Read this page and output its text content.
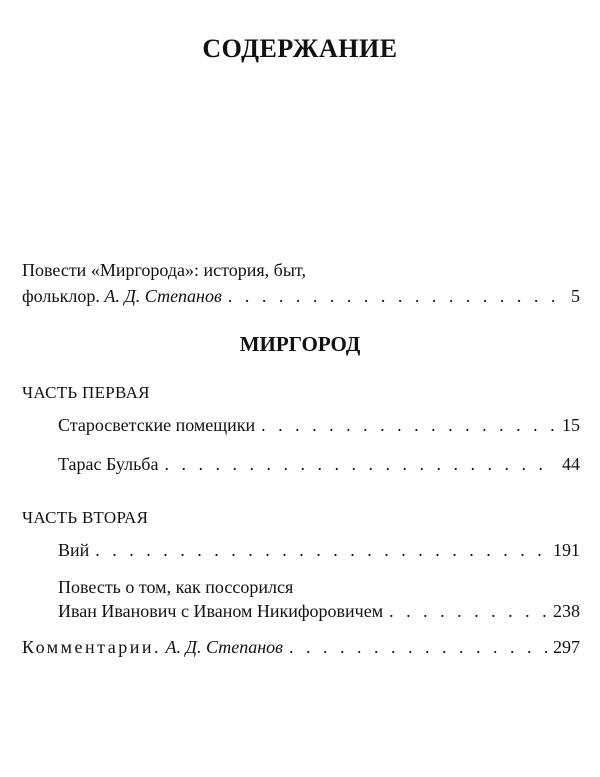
СОДЕРЖАНИЕ
Повести «Миргорода»: история, быт,
фольклор. А. Д. Степанов . . .	5
МИРГОРОД
ЧАСТЬ ПЕРВАЯ
Старосветские помещики . . .	15
Тарас Бульба . . .	44
ЧАСТЬ ВТОРАЯ
Вий . . .	191
Повесть о том, как поссорился
Иван Иванович с Иваном Никифоровичем . . .	238
Комментарии. А. Д. Степанов . . .	297
